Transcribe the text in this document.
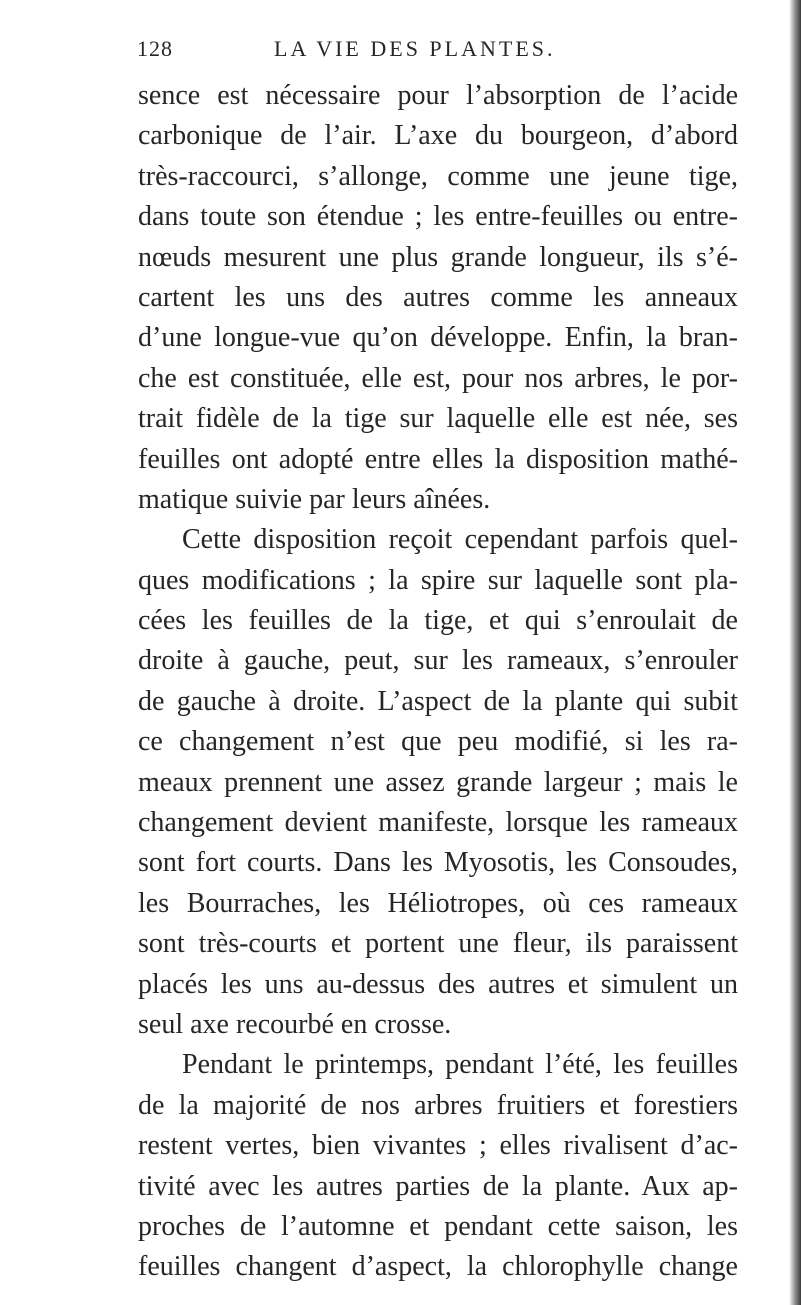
128	LA VIE DES PLANTES.
sence est nécessaire pour l’absorption de l’acide
carbonique de l’air. L’axe du bourgeon, d’abord
très-raccourci, s’allonge, comme une jeune tige,
dans toute son étendue ; les entre-feuilles ou entre-
nœuds mesurent une plus grande longueur, ils s’é-
cartent les uns des autres comme les anneaux
d’une longue-vue qu’on développe. Enfin, la bran-
che est constituée, elle est, pour nos arbres, le por-
trait fidèle de la tige sur laquelle elle est née, ses
feuilles ont adopté entre elles la disposition mathé-
matique suivie par leurs aînées.
Cette disposition reçoit cependant parfois quel-
ques modifications ; la spire sur laquelle sont pla-
cées les feuilles de la tige, et qui s’enroulait de
droite à gauche, peut, sur les rameaux, s’enrouler
de gauche à droite. L’aspect de la plante qui subit
ce changement n’est que peu modifié, si les ra-
meaux prennent une assez grande largeur ; mais le
changement devient manifeste, lorsque les rameaux
sont fort courts. Dans les Myosotis, les Consoudes,
les Bourraches, les Héliotropes, où ces rameaux
sont très-courts et portent une fleur, ils paraissent
placés les uns au-dessus des autres et simulent un
seul axe recourbé en crosse.
Pendant le printemps, pendant l’été, les feuilles
de la majorité de nos arbres fruitiers et forestiers
restent vertes, bien vivantes ; elles rivalisent d’ac-
tivité avec les autres parties de la plante. Aux ap-
proches de l’automne et pendant cette saison, les
feuilles changent d’aspect, la chlorophylle change
